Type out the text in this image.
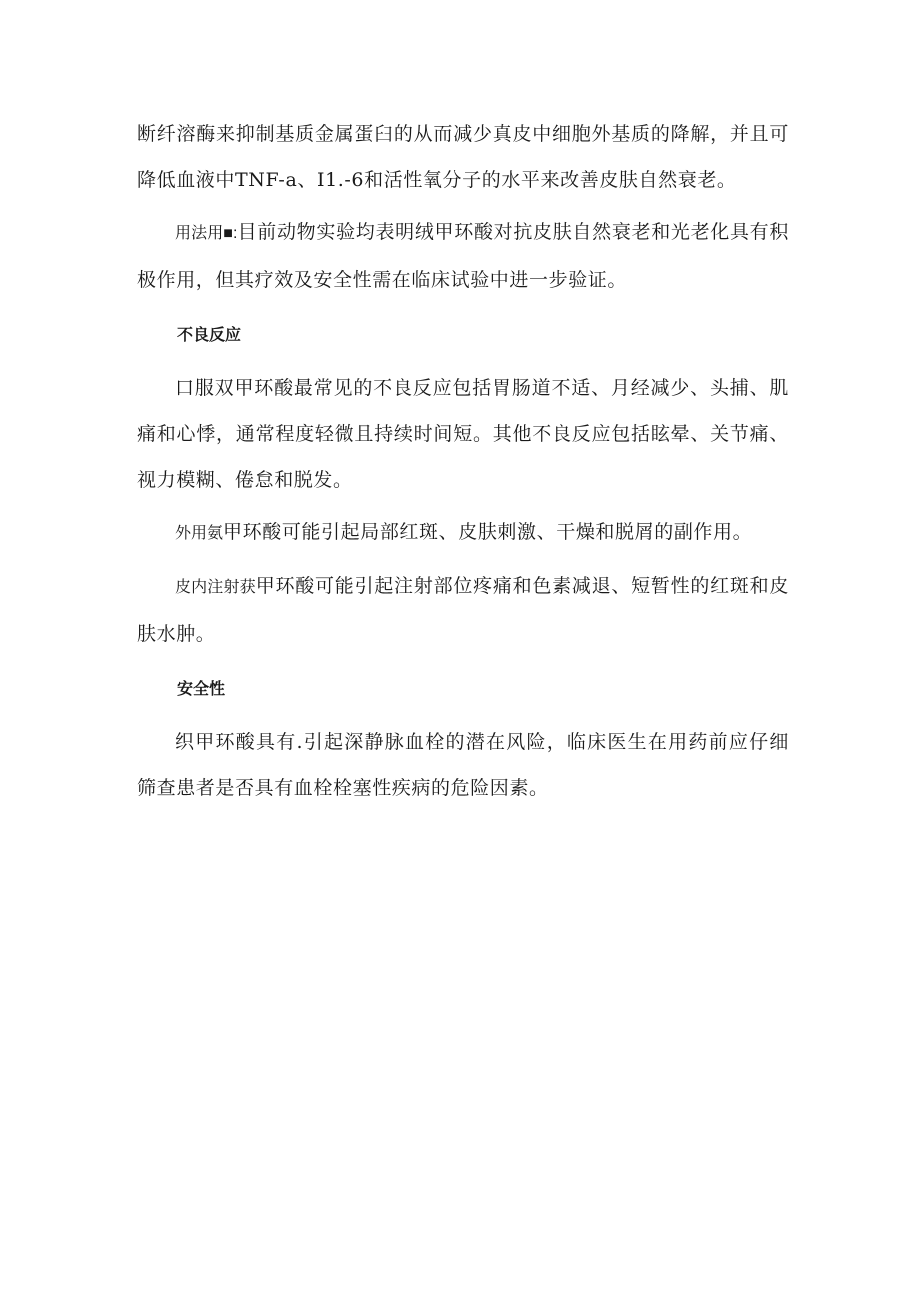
断纤溶酶来抑制基质金属蛋臼的从而减少真皮中细胞外基质的降解，并且可降低血液中TNF-a、I1.-6和活性氧分子的水平来改善皮肤自然衰老。

用法用■:目前动物实验均表明绒甲环酸对抗皮肤自然衰老和光老化具有积极作用，但其疗效及安全性需在临床试验中进一步验证。

不良反应

口服双甲环酸最常见的不良反应包括胃肠道不适、月经减少、头捕、肌痛和心悸，通常程度轻微且持续时间短。其他不良反应包括眩晕、关节痛、视力模糊、倦怠和脱发。

外用氨甲环酸可能引起局部红斑、皮肤刺激、干燥和脱屑的副作用。

皮内注射获甲环酸可能引起注射部位疼痛和色素减退、短暂性的红斑和皮肤水肿。

安全性

织甲环酸具有.引起深静脉血栓的潜在风险，临床医生在用药前应仔细筛查患者是否具有血栓栓塞性疾病的危险因素。
